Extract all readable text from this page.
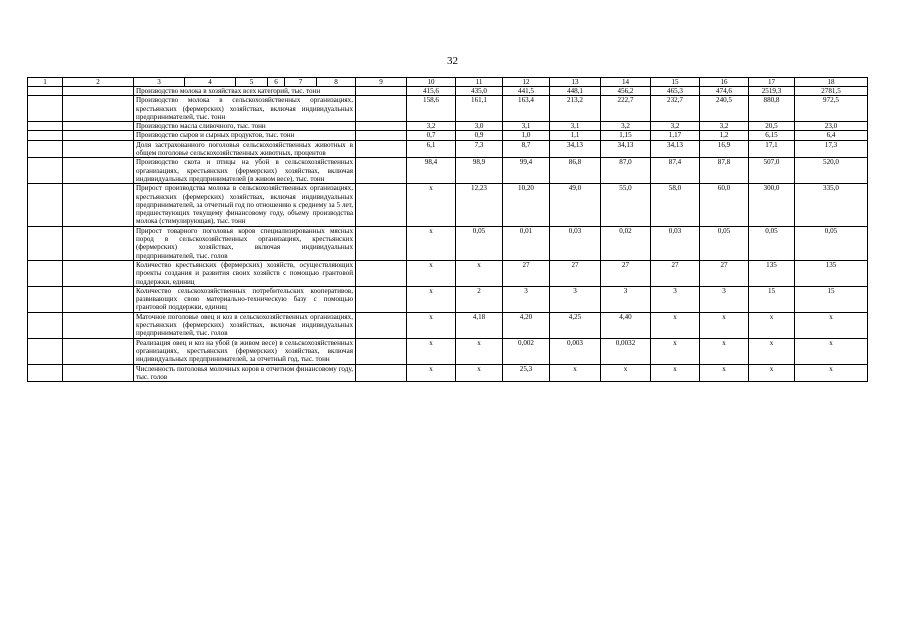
32
1	2	3	4	5	6	7	8	9	10	11	12	13	14	15	16	17	18
		Производство молока в хозяйствах всех категорий, тыс. тонн							415,6	435,0	441,5	448,1	456,2	465,3	474,6	2519,3	2781,5
		Производство молока в сельскохозяйственных организациях, крестьянских (фермерских) хозяйствах, включая индивидуальных предпринимателей, тыс. тонн							158,6	161,1	163,4	213,2	222,7	232,7	240,5	880,8	972,5
		Производство масла сливочного, тыс. тонн							3,2	3,0	3,1	3,1	3,2	3,2	3,2	20,5	23,0
		Производство сыров и сырных продуктов, тыс. тонн							0,7	0,9	1,0	1,1	1,15	1,17	1,2	6,15	6,4
		Доля застрахованного поголовья сельскохозяйственных животных в общем поголовье сельскохозяйственных животных, процентов							6,1	7,3	8,7	34,13	34,13	34,13	16,9	17,1	17,3
		Производство скота и птицы на убой в сельскохозяйственных организациях, крестьянских (фермерских) хозяйствах, включая индивидуальных предпринимателей (в живом весе), тыс. тонн							98,4	98,9	99,4	86,8	87,0	87,4	87,8	507,0	520,0
		Прирост производства молока в сельскохозяйственных организациях, крестьянских (фермерских) хозяйствах, включая индивидуальных предпринимателей, за отчетный год по отношению к среднему за 5 лет, предшествующих текущему финансовому году, объему производства молока (стимулирующая), тыс. тонн							x	12,23	10,20	49,0	55,0	58,0	60,0	300,0	335,0
		Прирост товарного поголовья коров специализированных мясных пород в сельскохозяйственных организациях, крестьянских (фермерских) хозяйствах, включая индивидуальных предпринимателей, тыс. голов							x	0,05	0,01	0,03	0,02	0,03	0,05	0,05	0,05
		Количество крестьянских (фермерских) хозяйств, осуществляющих проекты создания и развития своих хозяйств с помощью грантовой поддержки, единиц							x	x	27	27	27	27	27	135	135
		Количество сельскохозяйственных потребительских кооперативов, развивающих свою материально-техническую базу с помощью грантовой поддержки, единиц							x	2	3	3	3	3	3	15	15
		Маточное поголовье овец и коз в сельскохозяйственных организациях, крестьянских (фермерских) хозяйствах, включая индивидуальных предпринимателей, тыс. голов							x	4,18	4,20	4,25	4,40	x	x	x	x
		Реализация овец и коз на убой (в живом весе) в сельскохозяйственных организациях, крестьянских (фермерских) хозяйствах, включая индивидуальных предпринимателей, за отчетный год, тыс. тонн							x	x	0,002	0,003	0,0032	x	x	x	x
		Численность поголовья молочных коров в отчетном финансовому году, тыс. голов							x	x	25,3	x	x	x	x	x	x
